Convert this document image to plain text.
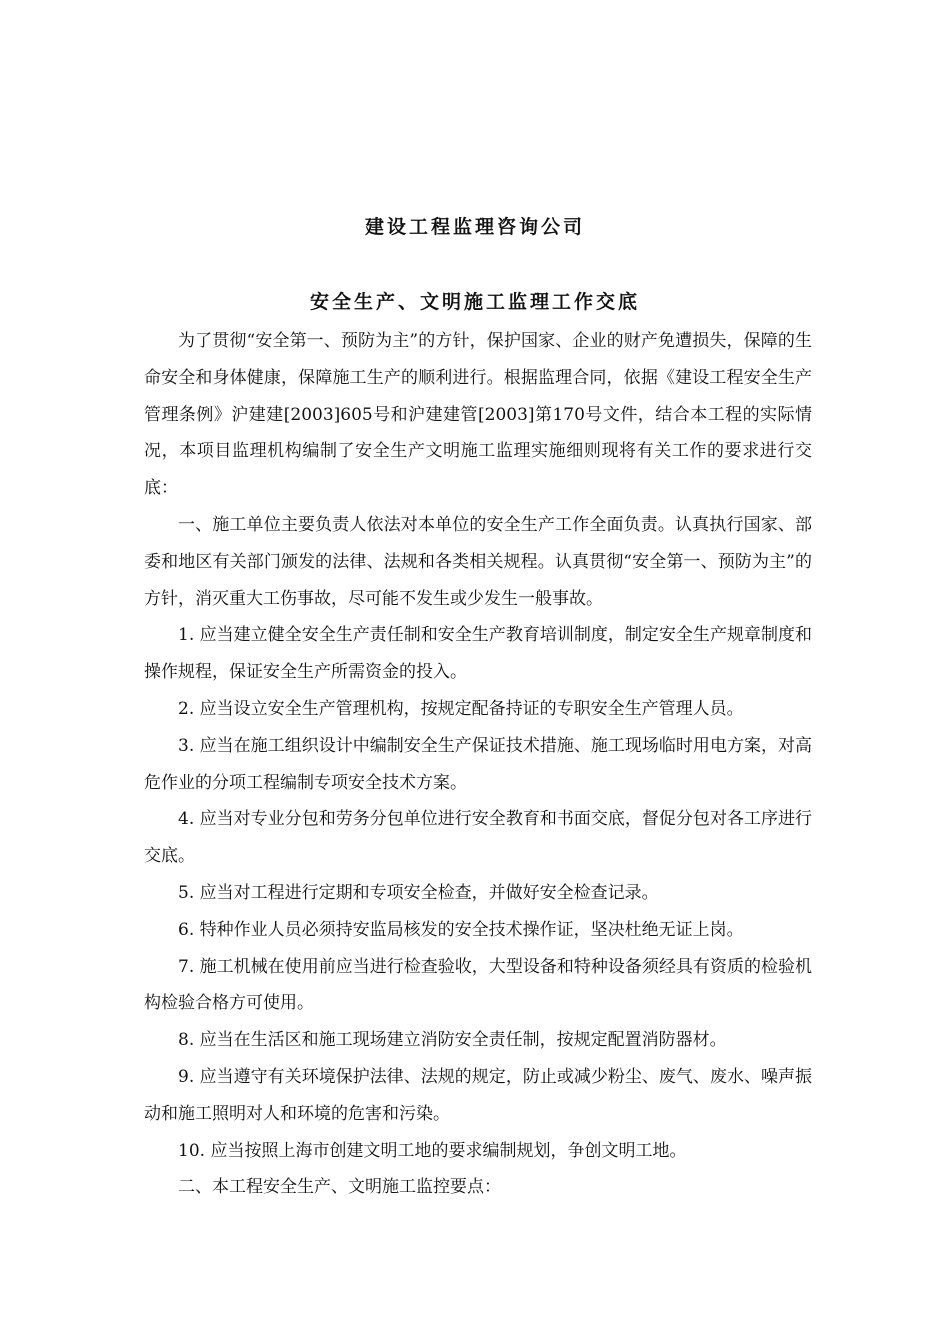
建设工程监理咨询公司
安全生产、文明施工监理工作交底

为了贯彻“安全第一、预防为主”的方针，保护国家、企业的财产免遭损失，保障的生命安全和身体健康，保障施工生产的顺利进行。根据监理合同，依据《建设工程安全生产管理条例》沪建建[2003]605号和沪建建管[2003]第170号文件，结合本工程的实际情况，本项目监理机构编制了安全生产文明施工监理实施细则现将有关工作的要求进行交底：

一、施工单位主要负责人依法对本单位的安全生产工作全面负责。认真执行国家、部委和地区有关部门颁发的法律、法规和各类相关规程。认真贯彻“安全第一、预防为主”的方针，消灭重大工伤事故，尽可能不发生或少发生一般事故。

1. 应当建立健全安全生产责任制和安全生产教育培训制度，制定安全生产规章制度和操作规程，保证安全生产所需资金的投入。

2. 应当设立安全生产管理机构，按规定配备持证的专职安全生产管理人员。

3. 应当在施工组织设计中编制安全生产保证技术措施、施工现场临时用电方案，对高危作业的分项工程编制专项安全技术方案。

4. 应当对专业分包和劳务分包单位进行安全教育和书面交底，督促分包对各工序进行交底。

5. 应当对工程进行定期和专项安全检查，并做好安全检查记录。

6. 特种作业人员必须持安监局核发的安全技术操作证，坚决杜绝无证上岗。

7. 施工机械在使用前应当进行检查验收，大型设备和特种设备须经具有资质的检验机构检验合格方可使用。

8. 应当在生活区和施工现场建立消防安全责任制，按规定配置消防器材。

9. 应当遵守有关环境保护法律、法规的规定，防止或减少粉尘、废气、废水、噪声振动和施工照明对人和环境的危害和污染。

10. 应当按照上海市创建文明工地的要求编制规划，争创文明工地。

二、本工程安全生产、文明施工监控要点：
